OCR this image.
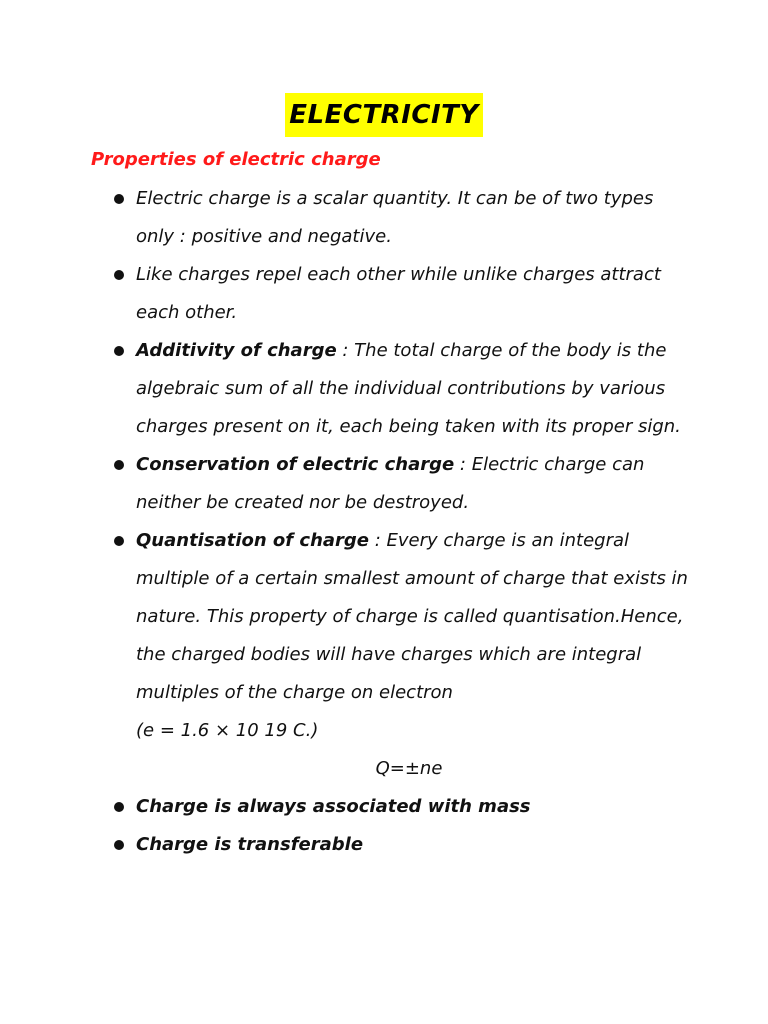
ELECTRICITY
Properties of electric charge
Electric charge is a scalar quantity. It can be of two types only : positive and negative.
Like charges repel each other while unlike charges attract each other.
Additivity of charge : The total charge of the body is the algebraic sum of all the individual contributions by various charges present on it, each being taken with its proper sign.
Conservation of electric charge : Electric charge can neither be created nor be destroyed.
Quantisation of charge : Every charge is an integral multiple of a certain smallest amount of charge that exists in nature. This property of charge is called quantisation.Hence, the charged bodies will have charges which are integral multiples of the charge on electron
(e = 1.6 × 10 19 C.)
Q=±ne
Charge is always associated with mass
Charge is transferable
